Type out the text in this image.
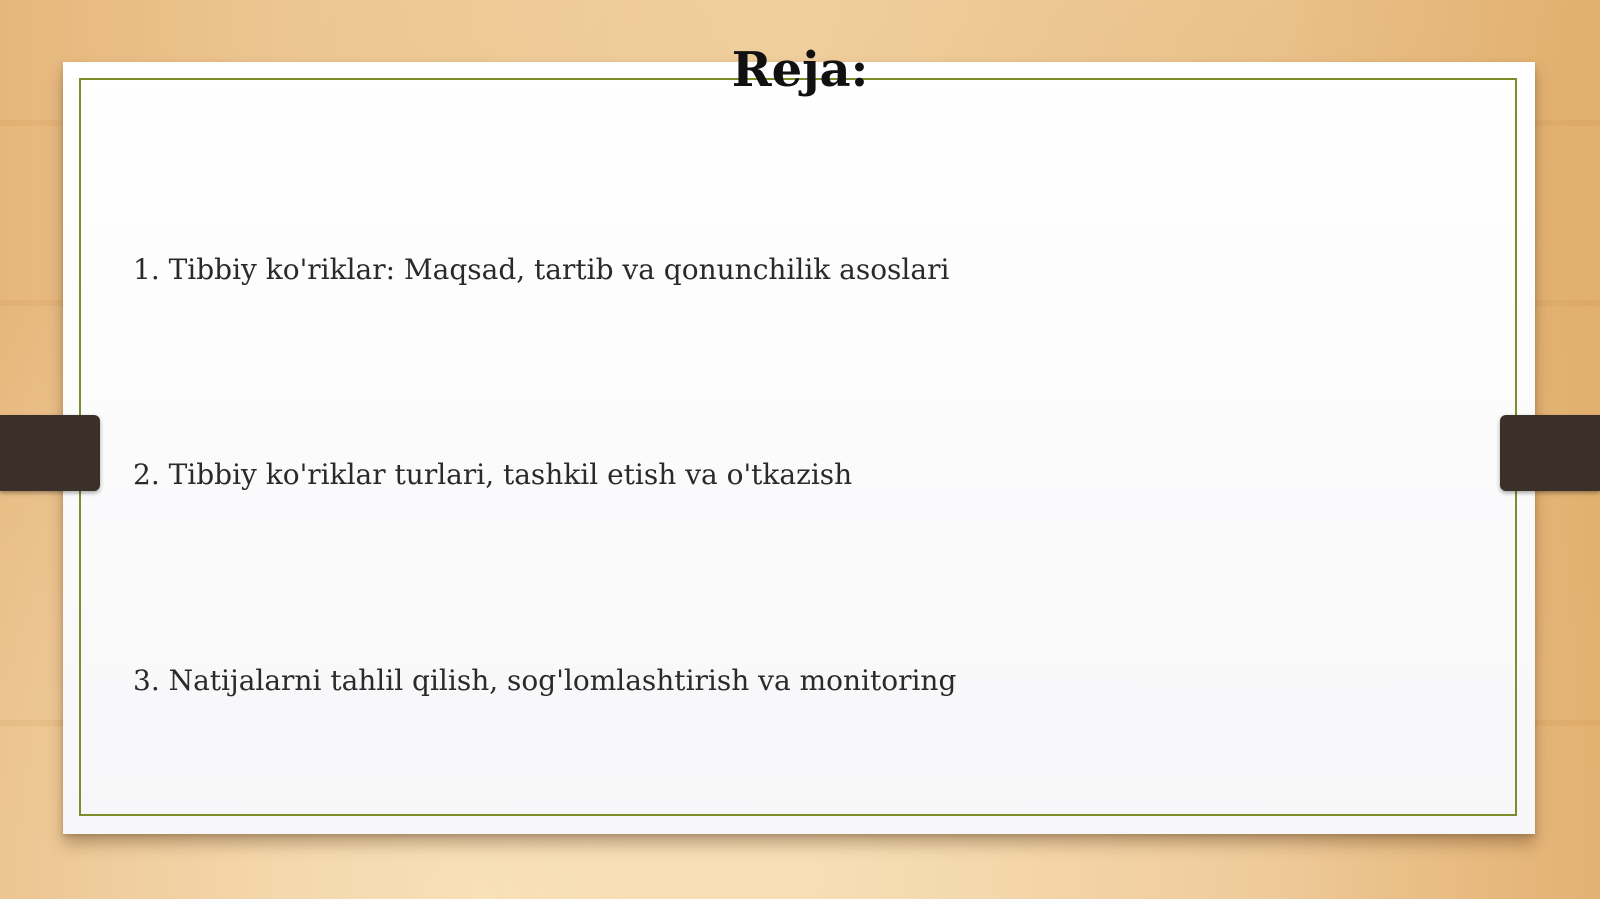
Reja:
1. Tibbiy ko'riklar: Maqsad, tartib va qonunchilik asoslari
2. Tibbiy ko'riklar turlari, tashkil etish va o'tkazish
3. Natijalarni tahlil qilish, sog'lomlashtirish va monitoring
